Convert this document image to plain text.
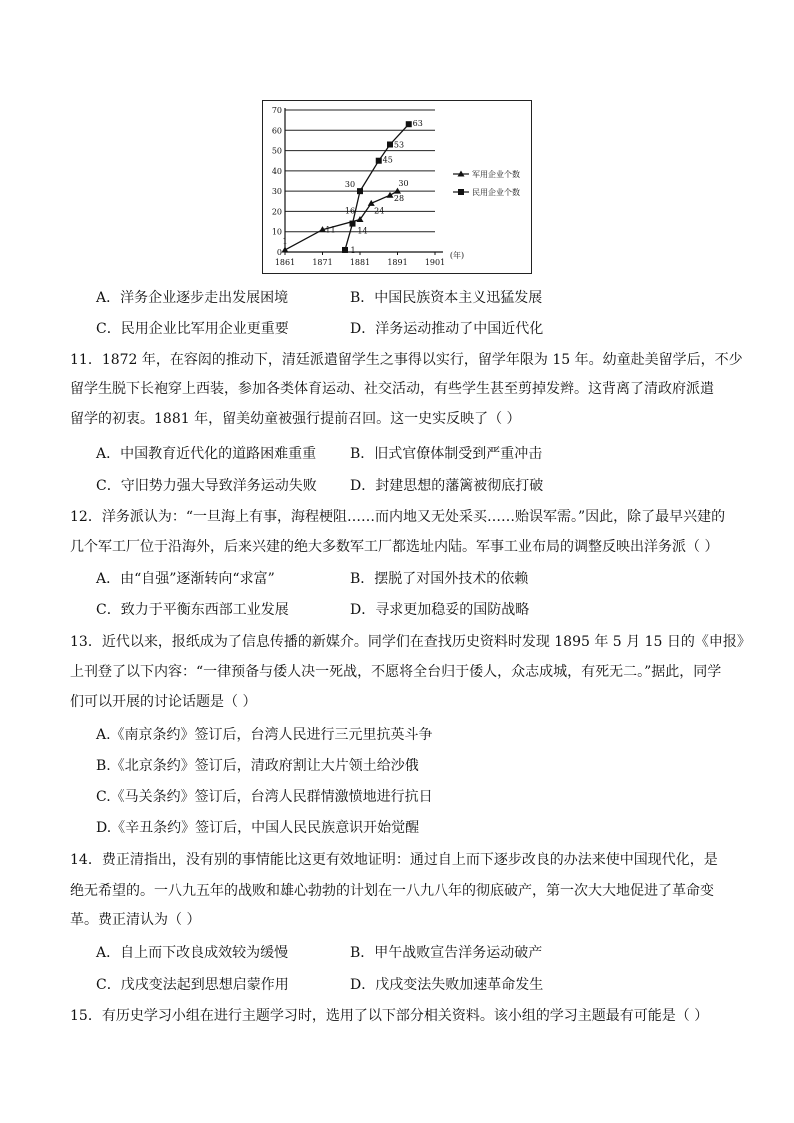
70
60
50
40
30
20
10
0
1861 1871 1881 1891 1901
(年)
1
11
16 24
28
30
军用企业个数
1
14
30
45
53
63
民用企业个数
A．洋务企业逐步走出发展困境	B．中国民族资本主义迅猛发展
C．民用企业比军用企业更重要	D．洋务运动推动了中国近代化
11．1872 年，在容闳的推动下，清廷派遣留学生之事得以实行，留学年限为 15 年。幼童赴美留学后，不少
留学生脱下长袍穿上西装，参加各类体育运动、社交活动，有些学生甚至剪掉发辫。这背离了清政府派遣
留学的初衷。1881 年，留美幼童被强行提前召回。这一史实反映了（ ）
A．中国教育近代化的道路困难重重 B．旧式官僚体制受到严重冲击
C．守旧势力强大导致洋务运动失败 D．封建思想的藩篱被彻底打破
12．洋务派认为：“一旦海上有事，海程梗阻……而内地又无处采买……贻误军需。”因此，除了最早兴建的
几个军工厂位于沿海外，后来兴建的绝大多数军工厂都选址内陆。军事工业布局的调整反映出洋务派（ ）
A．由“自强”逐渐转向“求富”	B．摆脱了对国外技术的依赖
C．致力于平衡东西部工业发展	D．寻求更加稳妥的国防战略
13．近代以来，报纸成为了信息传播的新媒介。同学们在查找历史资料时发现 1895 年 5 月 15 日的《申报》
上刊登了以下内容：“一律预备与倭人决一死战，不愿将全台归于倭人，众志成城，有死无二。”据此，同学
们可以开展的讨论话题是（ ）
A.《南京条约》签订后，台湾人民进行三元里抗英斗争
B.《北京条约》签订后，清政府割让大片领土给沙俄
C.《马关条约》签订后，台湾人民群情激愤地进行抗日
D.《辛丑条约》签订后，中国人民民族意识开始觉醒
14．费正清指出，没有别的事情能比这更有效地证明：通过自上而下逐步改良的办法来使中国现代化，是
绝无希望的。一八九五年的战败和雄心勃勃的计划在一八九八年的彻底破产，第一次大大地促进了革命变
革。费正清认为（ ）
A．自上而下改良成效较为缓慢	B．甲午战败宣告洋务运动破产
C．戊戌变法起到思想启蒙作用	D．戊戌变法失败加速革命发生
15．有历史学习小组在进行主题学习时，选用了以下部分相关资料。该小组的学习主题最有可能是（ ）
